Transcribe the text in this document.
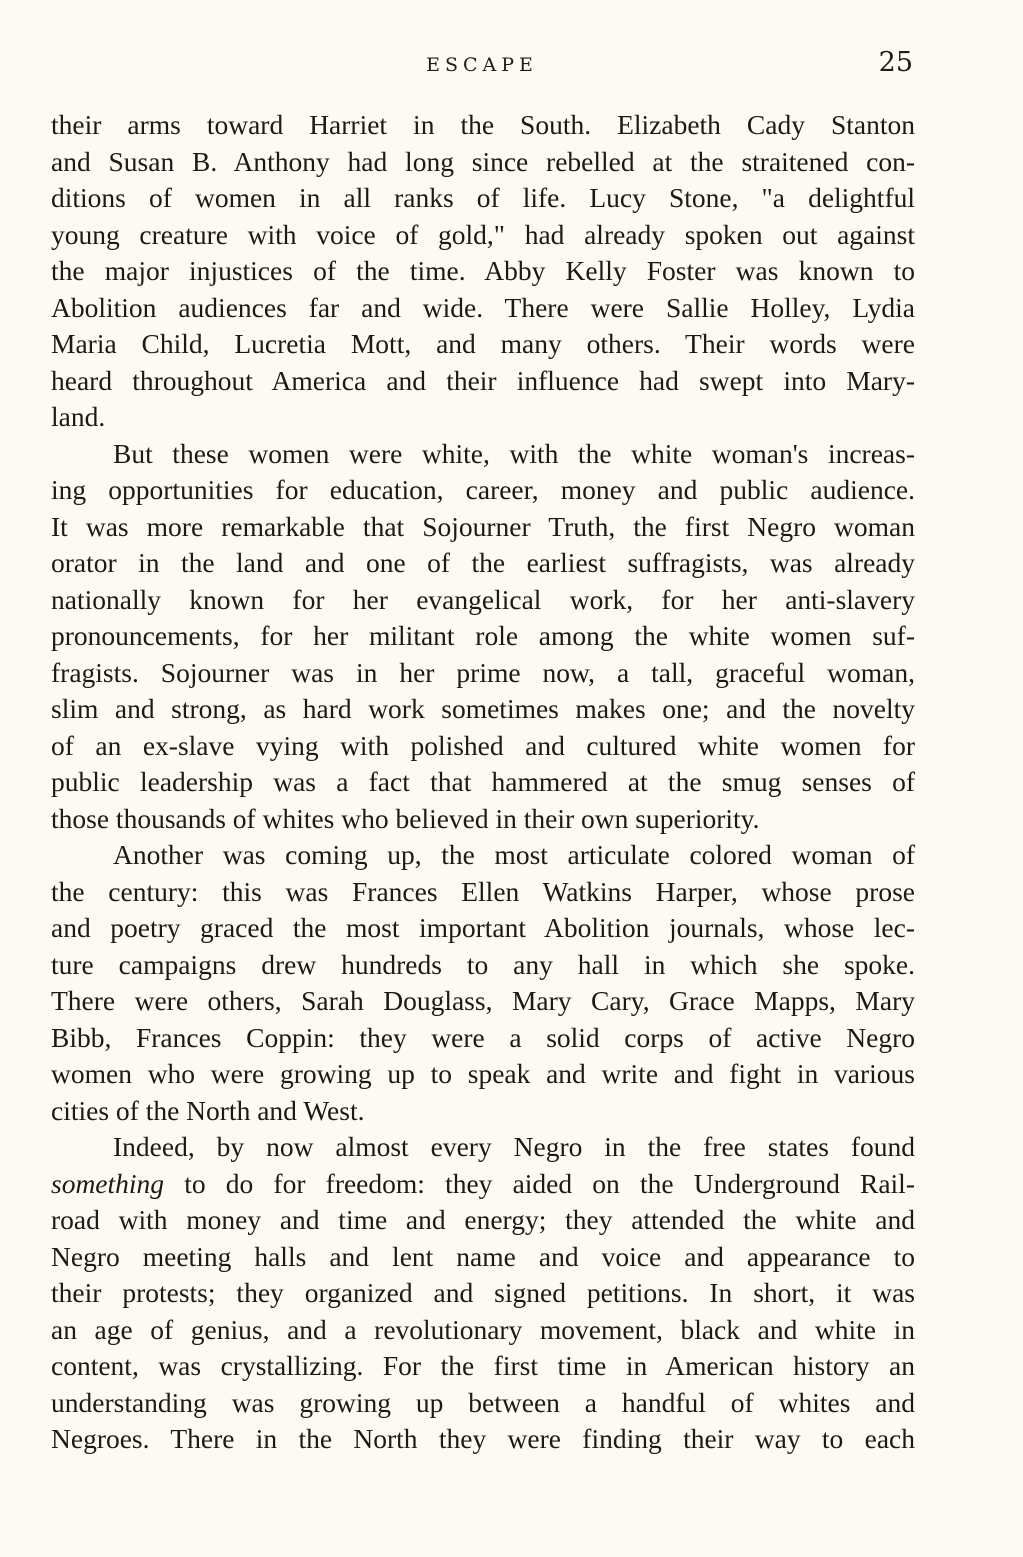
ESCAPE	25
their arms toward Harriet in the South. Elizabeth Cady Stanton
and Susan B. Anthony had long since rebelled at the straitened con-
ditions of women in all ranks of life. Lucy Stone, "a delightful
young creature with voice of gold," had already spoken out against
the major injustices of the time. Abby Kelly Foster was known to
Abolition audiences far and wide. There were Sallie Holley, Lydia
Maria Child, Lucretia Mott, and many others. Their words were
heard throughout America and their influence had swept into Mary-
land.
But these women were white, with the white woman's increas-
ing opportunities for education, career, money and public audience.
It was more remarkable that Sojourner Truth, the first Negro woman
orator in the land and one of the earliest suffragists, was already
nationally known for her evangelical work, for her anti-slavery
pronouncements, for her militant role among the white women suf-
fragists. Sojourner was in her prime now, a tall, graceful woman,
slim and strong, as hard work sometimes makes one; and the novelty
of an ex-slave vying with polished and cultured white women for
public leadership was a fact that hammered at the smug senses of
those thousands of whites who believed in their own superiority.
Another was coming up, the most articulate colored woman of
the century: this was Frances Ellen Watkins Harper, whose prose
and poetry graced the most important Abolition journals, whose lec-
ture campaigns drew hundreds to any hall in which she spoke.
There were others, Sarah Douglass, Mary Cary, Grace Mapps, Mary
Bibb, Frances Coppin: they were a solid corps of active Negro
women who were growing up to speak and write and fight in various
cities of the North and West.
Indeed, by now almost every Negro in the free states found
something to do for freedom: they aided on the Underground Rail-
road with money and time and energy; they attended the white and
Negro meeting halls and lent name and voice and appearance to
their protests; they organized and signed petitions. In short, it was
an age of genius, and a revolutionary movement, black and white in
content, was crystallizing. For the first time in American history an
understanding was growing up between a handful of whites and
Negroes. There in the North they were finding their way to each
